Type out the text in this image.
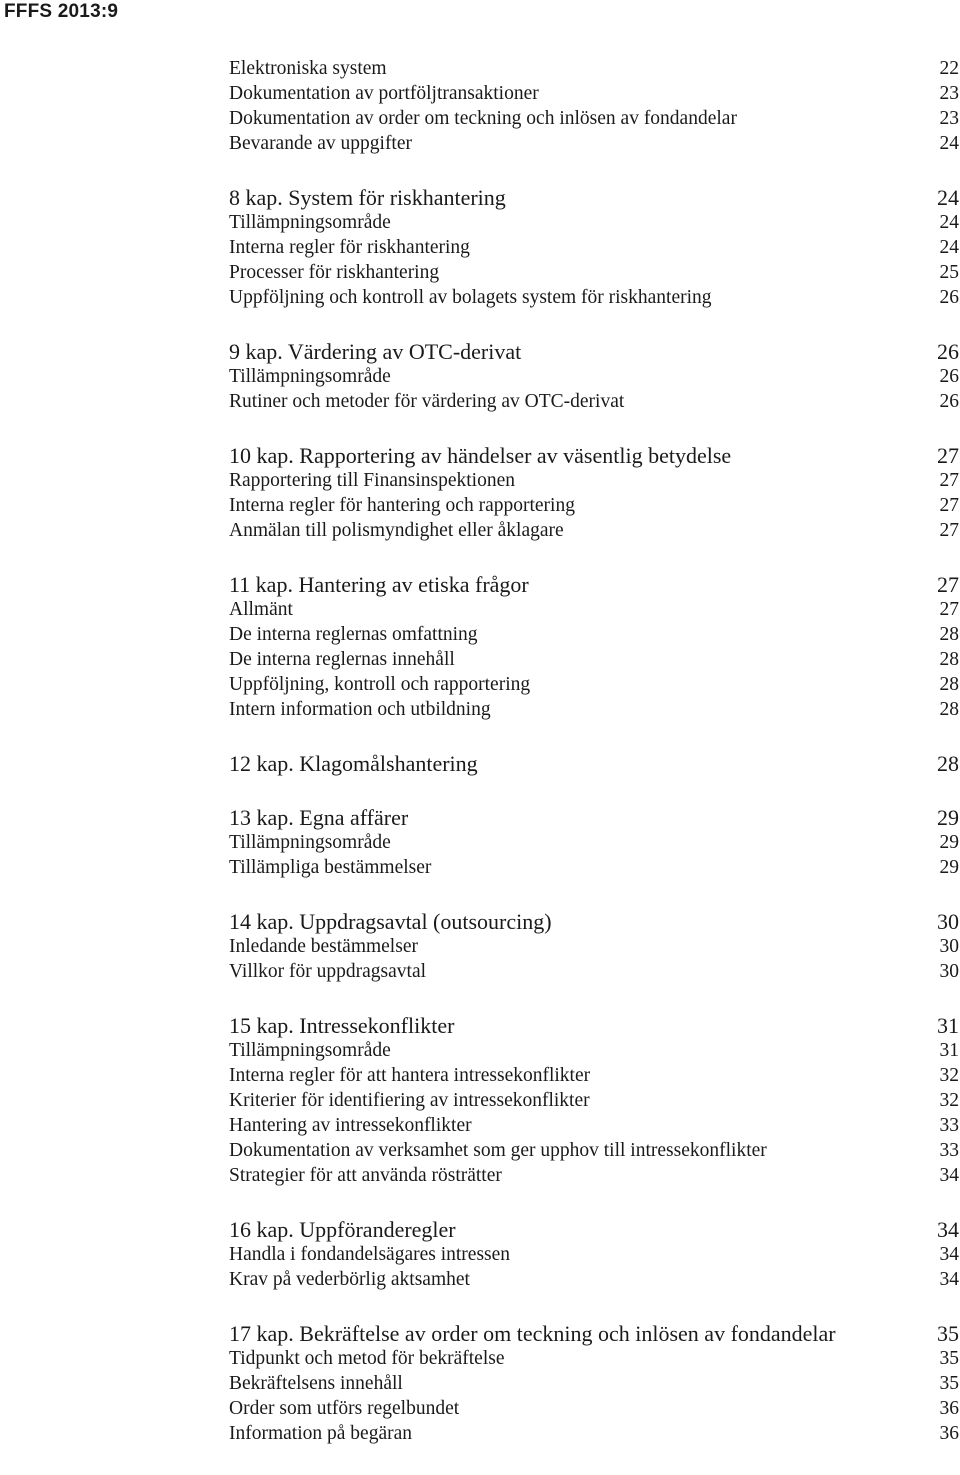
FFFS 2013:9
Elektroniska system	22
Dokumentation av portföljtransaktioner	23
Dokumentation av order om teckning och inlösen av fondandelar	23
Bevarande av uppgifter	24
8 kap. System för riskhantering	24
Tillämpningsområde	24
Interna regler för riskhantering	24
Processer för riskhantering	25
Uppföljning och kontroll av bolagets system för riskhantering	26
9 kap. Värdering av OTC-derivat	26
Tillämpningsområde	26
Rutiner och metoder för värdering av OTC-derivat	26
10 kap. Rapportering av händelser av väsentlig betydelse	27
Rapportering till Finansinspektionen	27
Interna regler för hantering och rapportering	27
Anmälan till polismyndighet eller åklagare	27
11 kap. Hantering av etiska frågor	27
Allmänt	27
De interna reglernas omfattning	28
De interna reglernas innehåll	28
Uppföljning, kontroll och rapportering	28
Intern information och utbildning	28
12 kap. Klagomålshantering	28
13 kap. Egna affärer	29
Tillämpningsområde	29
Tillämpliga bestämmelser	29
14 kap. Uppdragsavtal (outsourcing)	30
Inledande bestämmelser	30
Villkor för uppdragsavtal	30
15 kap. Intressekonflikter	31
Tillämpningsområde	31
Interna regler för att hantera intressekonflikter	32
Kriterier för identifiering av intressekonflikter	32
Hantering av intressekonflikter	33
Dokumentation av verksamhet som ger upphov till intressekonflikter	33
Strategier för att använda rösträtter	34
16 kap. Uppföranderegler	34
Handla i fondandelsägares intressen	34
Krav på vederbörlig aktsamhet	34
17 kap. Bekräftelse av order om teckning och inlösen av fondandelar	35
Tidpunkt och metod för bekräftelse	35
Bekräftelsens innehåll	35
Order som utförs regelbundet	36
Information på begäran	36
